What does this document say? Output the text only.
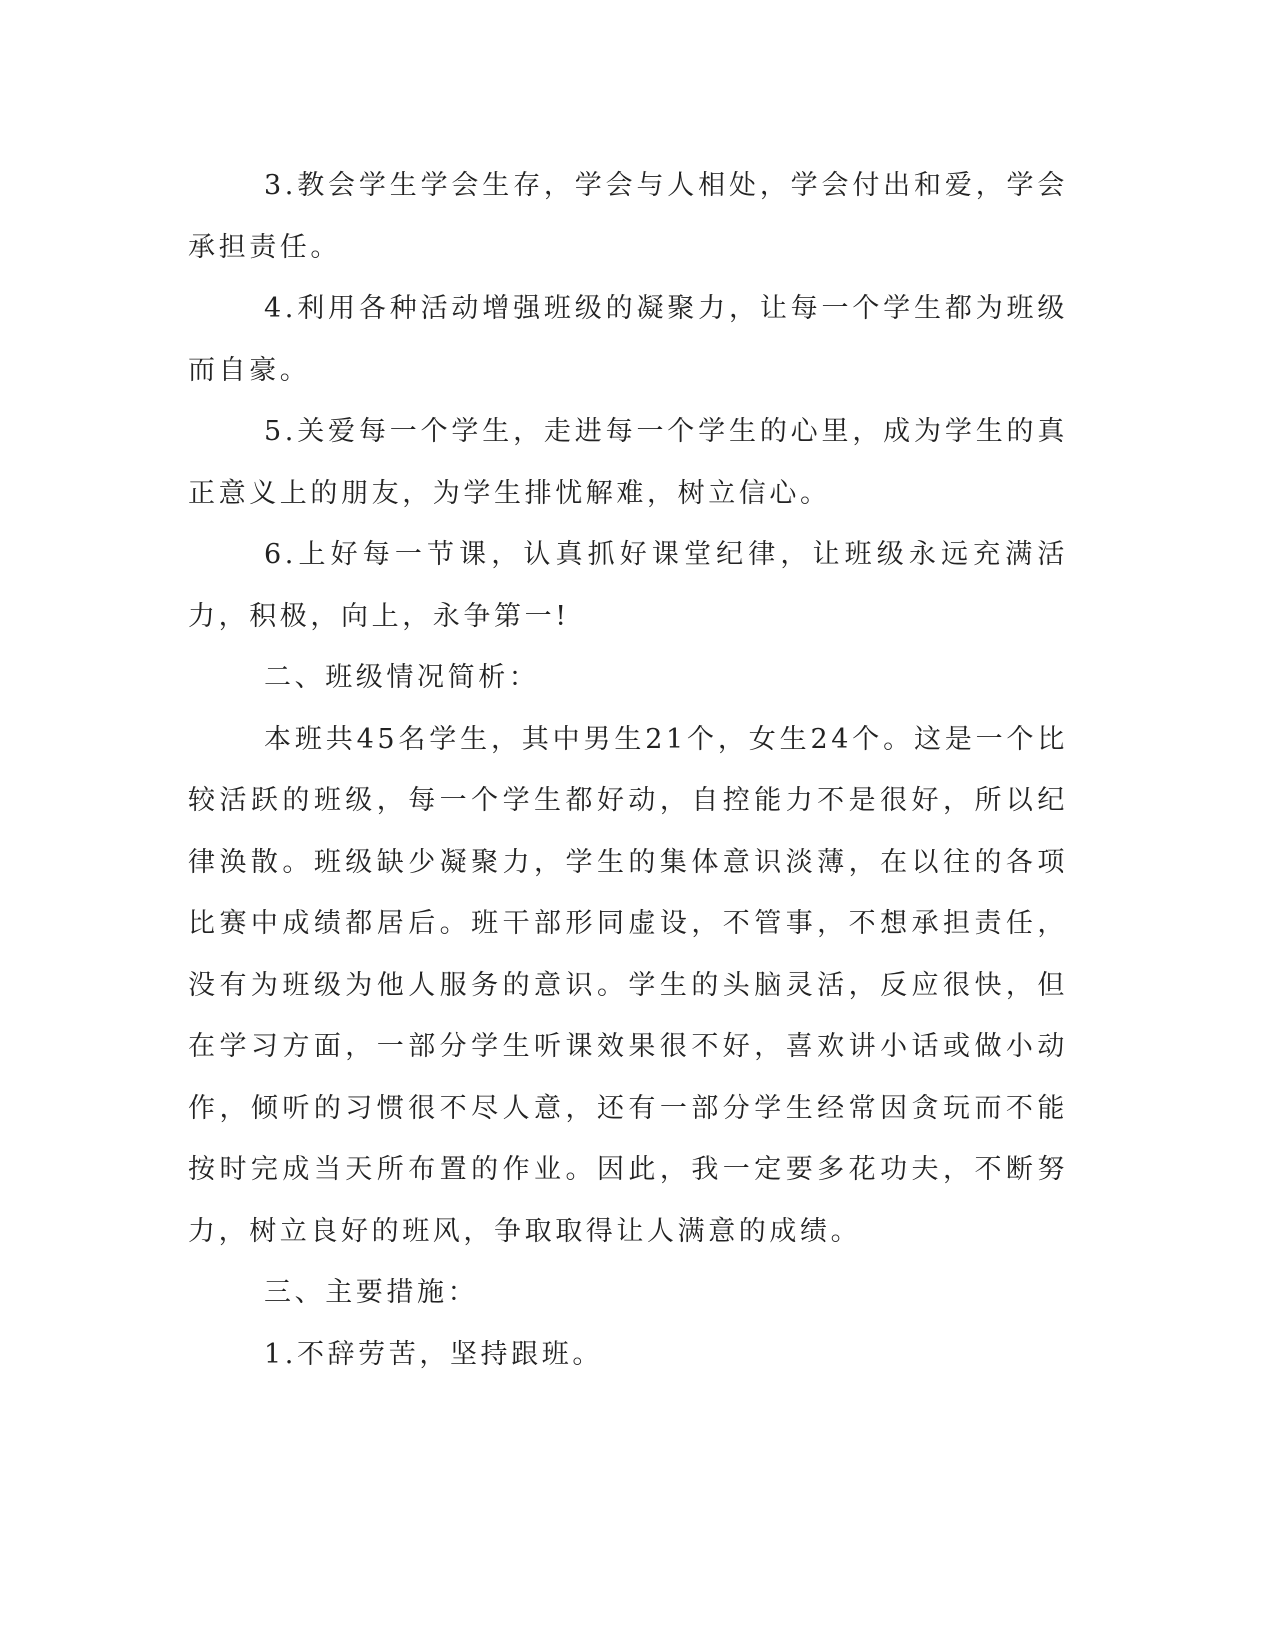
3.教会学生学会生存，学会与人相处，学会付出和爱，学会承担责任。

4.利用各种活动增强班级的凝聚力，让每一个学生都为班级而自豪。

5.关爱每一个学生，走进每一个学生的心里，成为学生的真正意义上的朋友，为学生排忧解难，树立信心。

6.上好每一节课，认真抓好课堂纪律，让班级永远充满活力，积极，向上，永争第一!

二、班级情况简析：

本班共45名学生，其中男生21个，女生24个。这是一个比较活跃的班级，每一个学生都好动，自控能力不是很好，所以纪律涣散。班级缺少凝聚力，学生的集体意识淡薄，在以往的各项比赛中成绩都居后。班干部形同虚设，不管事，不想承担责任，没有为班级为他人服务的意识。学生的头脑灵活，反应很快，但在学习方面，一部分学生听课效果很不好，喜欢讲小话或做小动作，倾听的习惯很不尽人意，还有一部分学生经常因贪玩而不能按时完成当天所布置的作业。因此，我一定要多花功夫，不断努力，树立良好的班风，争取取得让人满意的成绩。

三、主要措施：

1.不辞劳苦，坚持跟班。
